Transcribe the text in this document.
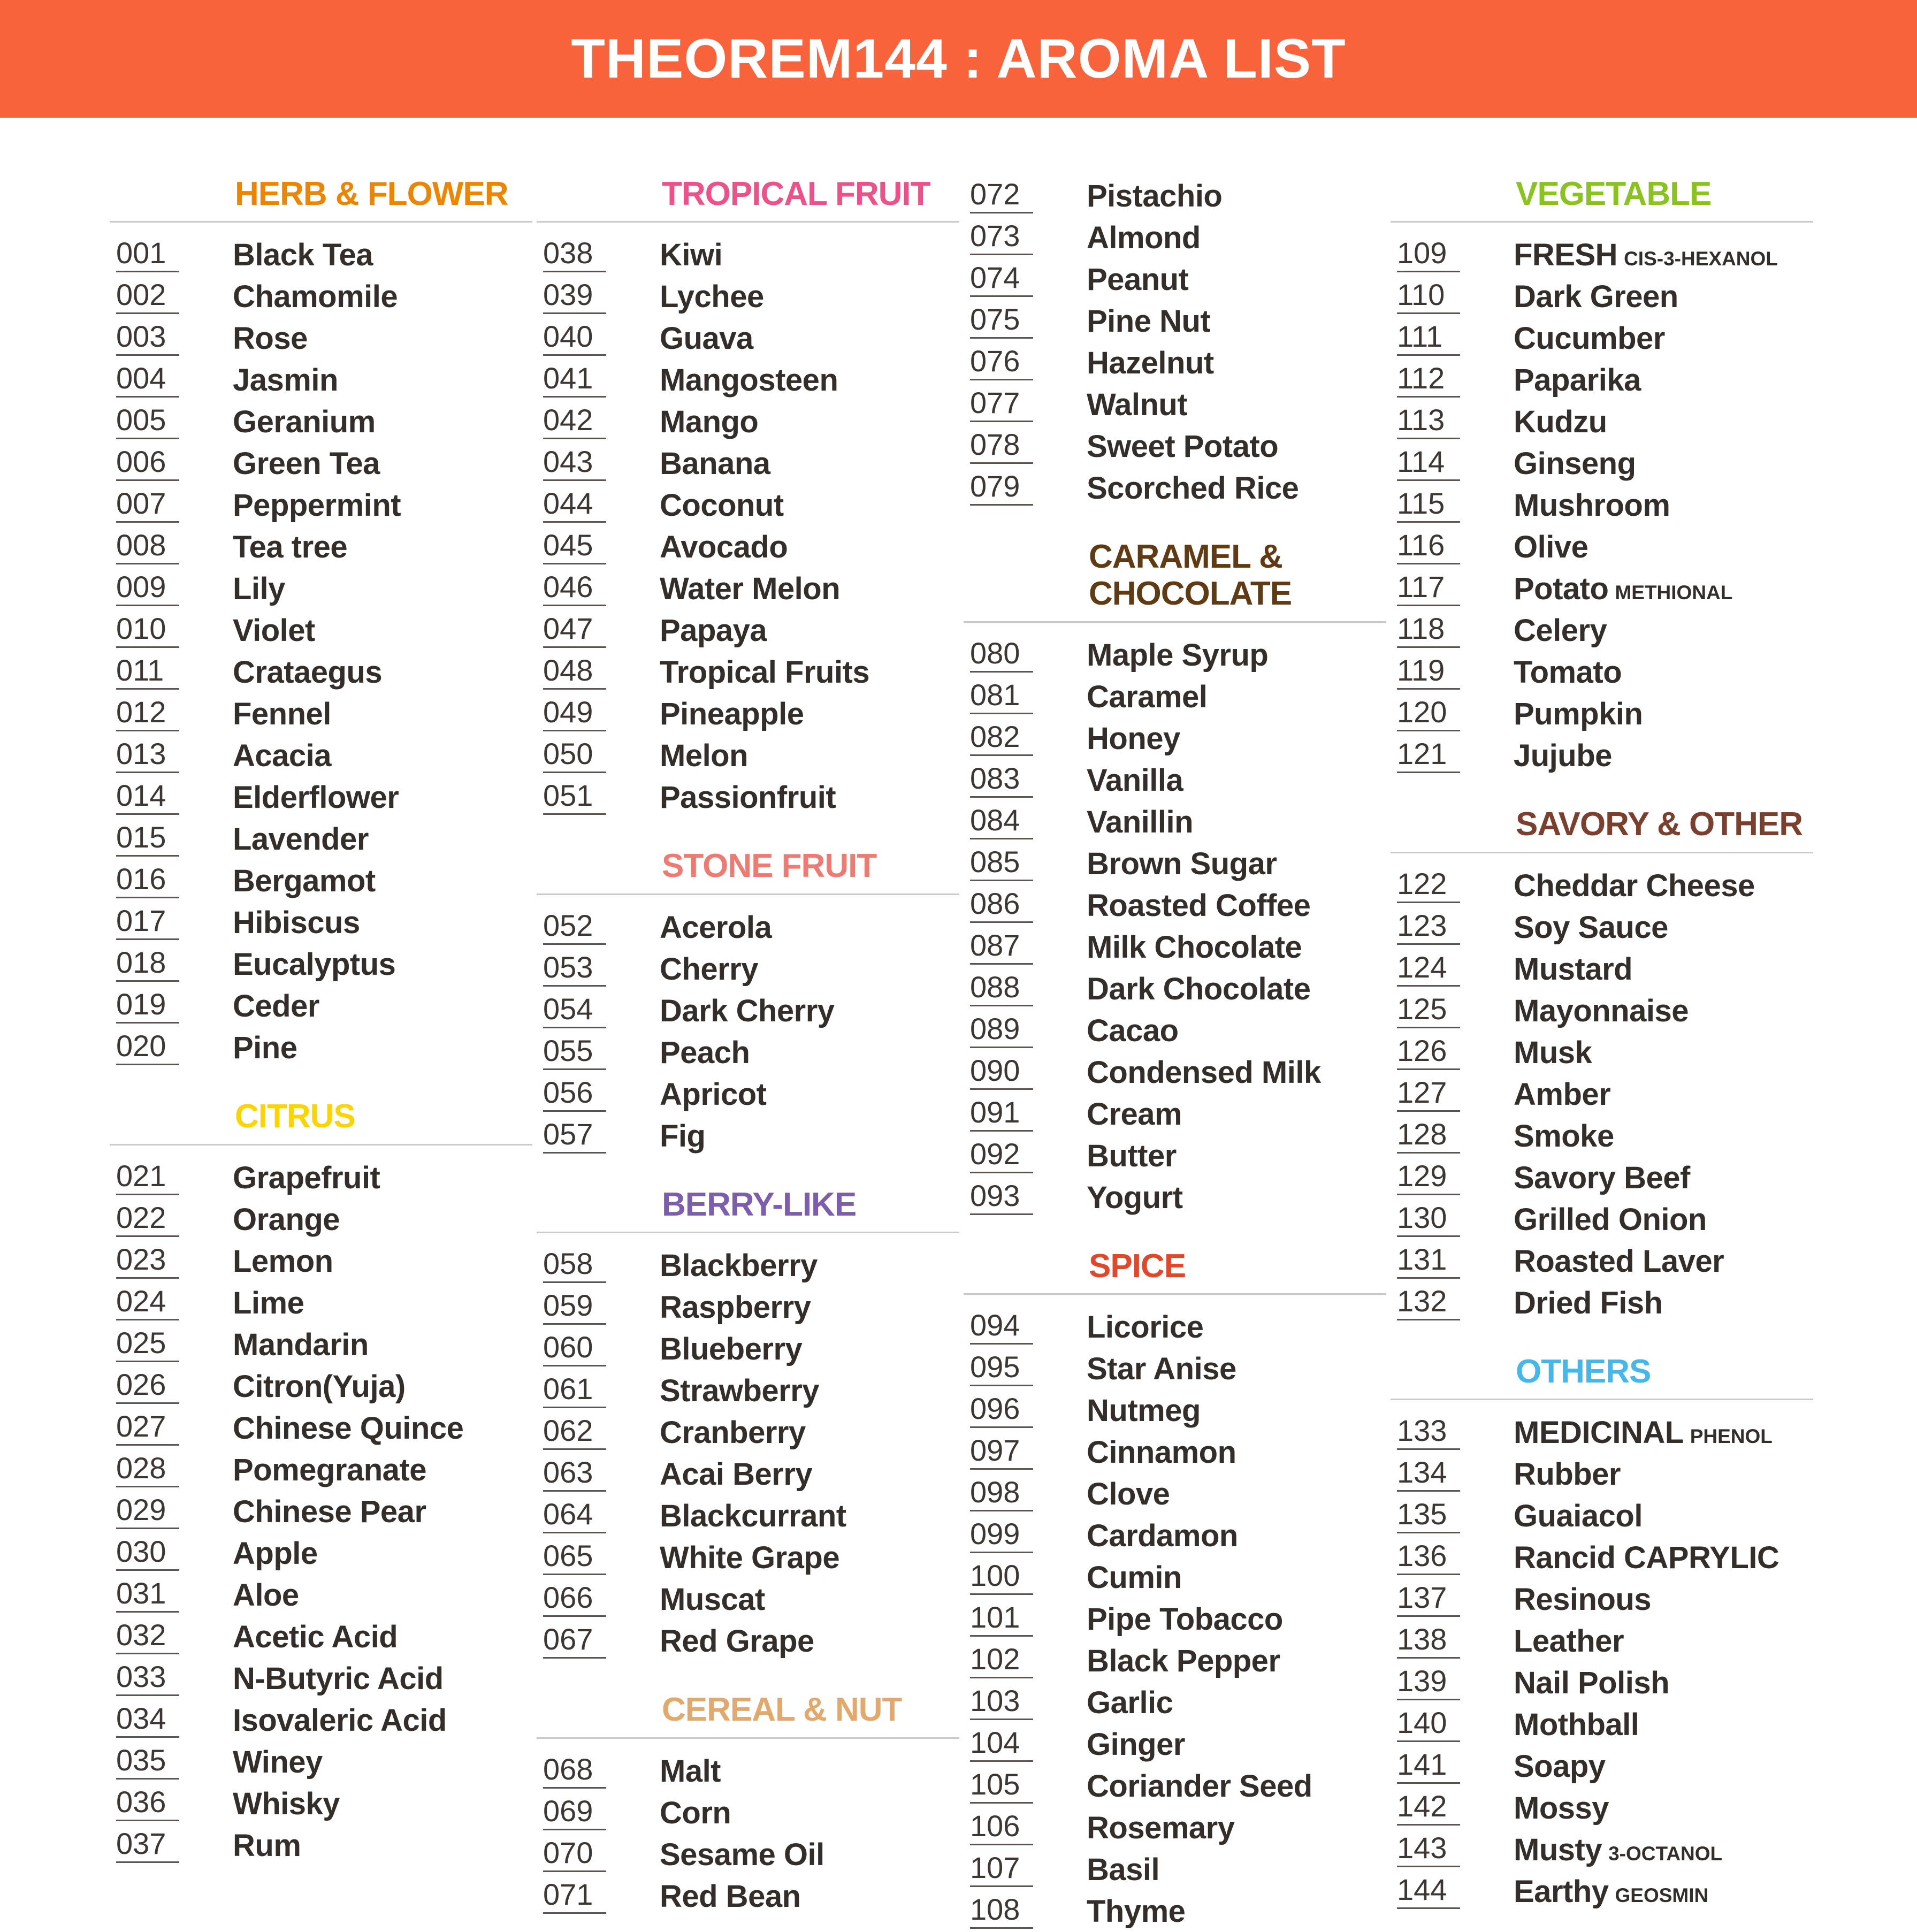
THEOREM144 : AROMA LIST
HERB & FLOWER
001	Black Tea
002	Chamomile
003	Rose
004	Jasmin
005	Geranium
006	Green Tea
007	Peppermint
008	Tea tree
009	Lily
010	Violet
011	Crataegus
012	Fennel
013	Acacia
014	Elderflower
015	Lavender
016	Bergamot
017	Hibiscus
018	Eucalyptus
019	Ceder
020	Pine
CITRUS
021	Grapefruit
022	Orange
023	Lemon
024	Lime
025	Mandarin
026	Citron(Yuja)
027	Chinese Quince
028	Pomegranate
029	Chinese Pear
030	Apple
031	Aloe
032	Acetic Acid
033	N-Butyric Acid
034	Isovaleric Acid
035	Winey
036	Whisky
037	Rum
TROPICAL FRUIT
038	Kiwi
039	Lychee
040	Guava
041	Mangosteen
042	Mango
043	Banana
044	Coconut
045	Avocado
046	Water Melon
047	Papaya
048	Tropical Fruits
049	Pineapple
050	Melon
051	Passionfruit
STONE FRUIT
052	Acerola
053	Cherry
054	Dark Cherry
055	Peach
056	Apricot
057	Fig
BERRY-LIKE
058	Blackberry
059	Raspberry
060	Blueberry
061	Strawberry
062	Cranberry
063	Acai Berry
064	Blackcurrant
065	White Grape
066	Muscat
067	Red Grape
CEREAL & NUT
068	Malt
069	Corn
070	Sesame Oil
071	Red Bean
072	Pistachio
073	Almond
074	Peanut
075	Pine Nut
076	Hazelnut
077	Walnut
078	Sweet Potato
079	Scorched Rice
CARAMEL & CHOCOLATE
080	Maple Syrup
081	Caramel
082	Honey
083	Vanilla
084	Vanillin
085	Brown Sugar
086	Roasted Coffee
087	Milk Chocolate
088	Dark Chocolate
089	Cacao
090	Condensed Milk
091	Cream
092	Butter
093	Yogurt
SPICE
094	Licorice
095	Star Anise
096	Nutmeg
097	Cinnamon
098	Clove
099	Cardamon
100	Cumin
101	Pipe Tobacco
102	Black Pepper
103	Garlic
104	Ginger
105	Coriander Seed
106	Rosemary
107	Basil
108	Thyme
VEGETABLE
109	FRESH CIS-3-HEXANOL
110	Dark Green
111	Cucumber
112	Paparika
113	Kudzu
114	Ginseng
115	Mushroom
116	Olive
117	Potato METHIONAL
118	Celery
119	Tomato
120	Pumpkin
121	Jujube
SAVORY & OTHER
122	Cheddar Cheese
123	Soy Sauce
124	Mustard
125	Mayonnaise
126	Musk
127	Amber
128	Smoke
129	Savory Beef
130	Grilled Onion
131	Roasted Laver
132	Dried Fish
OTHERS
133	MEDICINAL PHENOL
134	Rubber
135	Guaiacol
136	Rancid CAPRYLIC
137	Resinous
138	Leather
139	Nail Polish
140	Mothball
141	Soapy
142	Mossy
143	Musty 3-OCTANOL
144	Earthy GEOSMIN
